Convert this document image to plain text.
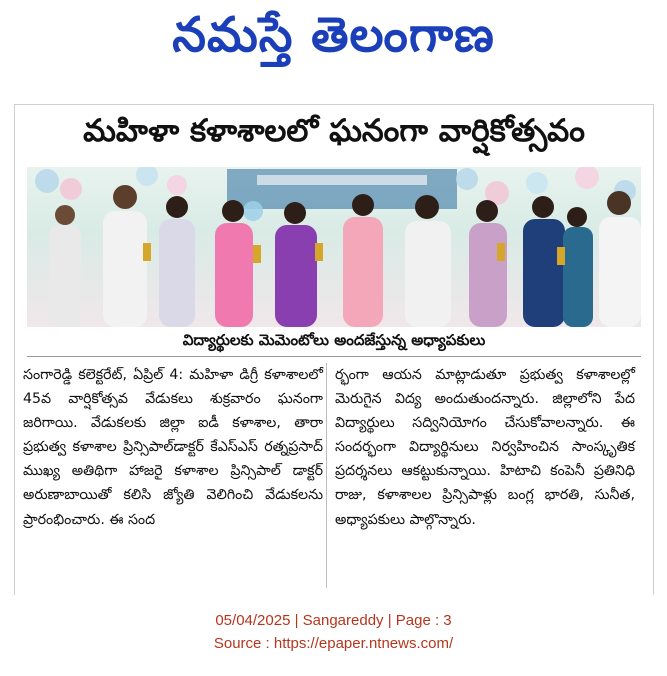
నమస్తే తెలంగాణ
మహిళా కళాశాలలో ఘనంగా వార్షికోత్సవం
విద్యార్థులకు మెమెంటోలు అందజేస్తున్న అధ్యాపకులు

సంగారెడ్డి కలెక్టరేట్, ఏప్రిల్ 4: మహిళా డిగ్రీ కళాశాలలో 45వ వార్షికోత్సవ వేడుకలు శుక్రవారం ఘనంగా జరిగాయి. వేడుకలకు జిల్లా ఐడీ కళాశాల, తారా ప్రభుత్వ కళాశాల ప్రిన్సిపాల్‌డాక్టర్ కేఎస్ఎస్ రత్నప్రసాద్ ముఖ్య అతిథిగా హాజరై కళాశాల ప్రిన్సిపాల్ డాక్టర్ అరుణాబాయితో కలిసి జ్యోతి వెలిగించి వేడుకలను ప్రారంభించారు. ఈ సంద

ర్భంగా ఆయన మాట్లాడుతూ ప్రభుత్వ కళాశాలల్లో మెరుగైన విద్య అందుతుందన్నారు. జిల్లాలోని పేద విద్యార్థులు సద్వినియోగం చేసుకోవాలన్నారు. ఈ సందర్భంగా విద్యార్థినులు నిర్వహించిన సాంస్కృతిక ప్రదర్శనలు ఆకట్టుకున్నాయి. హిటాచి కంపెనీ ప్రతినిధి రాజు, కళాశాలల ప్రిన్సిపాళ్లు బంగ్ల భారతి, సునీత, అధ్యాపకులు పాల్గొన్నారు.

05/04/2025 | Sangareddy | Page : 3
Source : https://epaper.ntnews.com/
